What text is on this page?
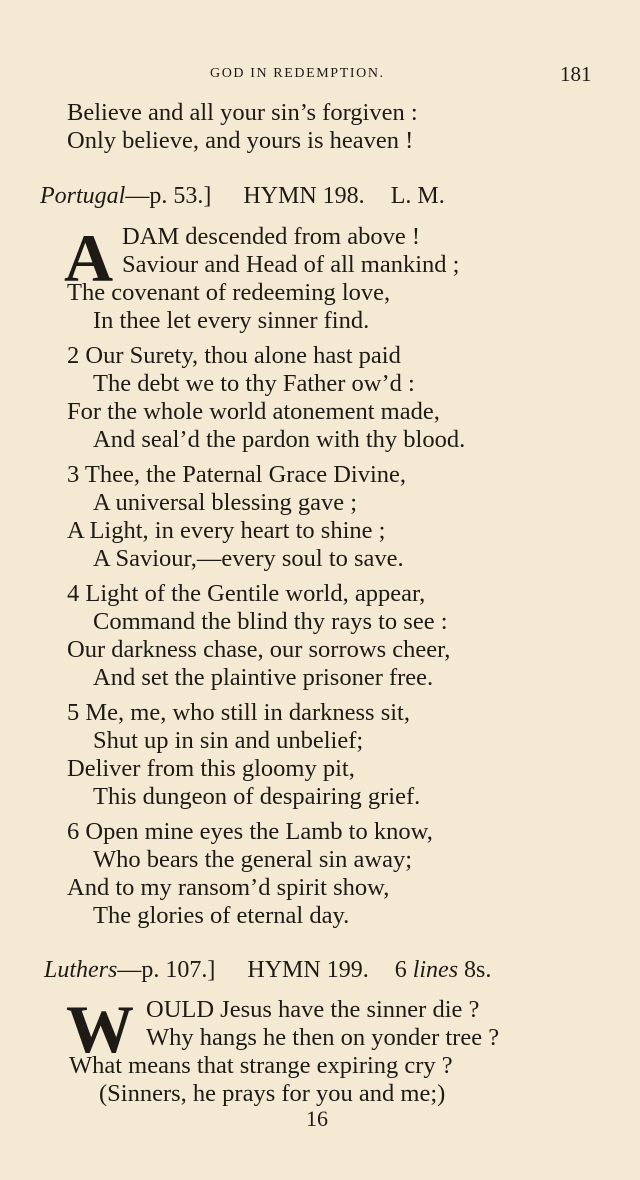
GOD IN REDEMPTION.	181
Believe and all your sin’s forgiven :
Only believe, and yours is heaven !
Portugal—p. 53.] HYMN 198. L. M.
A DAM descended from above !
Saviour and Head of all mankind ;
The covenant of redeeming love,
In thee let every sinner find.
2 Our Surety, thou alone hast paid
The debt we to thy Father ow’d :
For the whole world atonement made,
And seal’d the pardon with thy blood.
3 Thee, the Paternal Grace Divine,
A universal blessing gave ;
A Light, in every heart to shine ;
A Saviour,—every soul to save.
4 Light of the Gentile world, appear,
Command the blind thy rays to see :
Our darkness chase, our sorrows cheer,
And set the plaintive prisoner free.
5 Me, me, who still in darkness sit,
Shut up in sin and unbelief;
Deliver from this gloomy pit,
This dungeon of despairing grief.
6 Open mine eyes the Lamb to know,
Who bears the general sin away;
And to my ransom’d spirit show,
The glories of eternal day.
Luthers—p. 107.] HYMN 199. 6 lines 8s.
W OULD Jesus have the sinner die ?
Why hangs he then on yonder tree ?
What means that strange expiring cry ?
(Sinners, he prays for you and me;)
16
